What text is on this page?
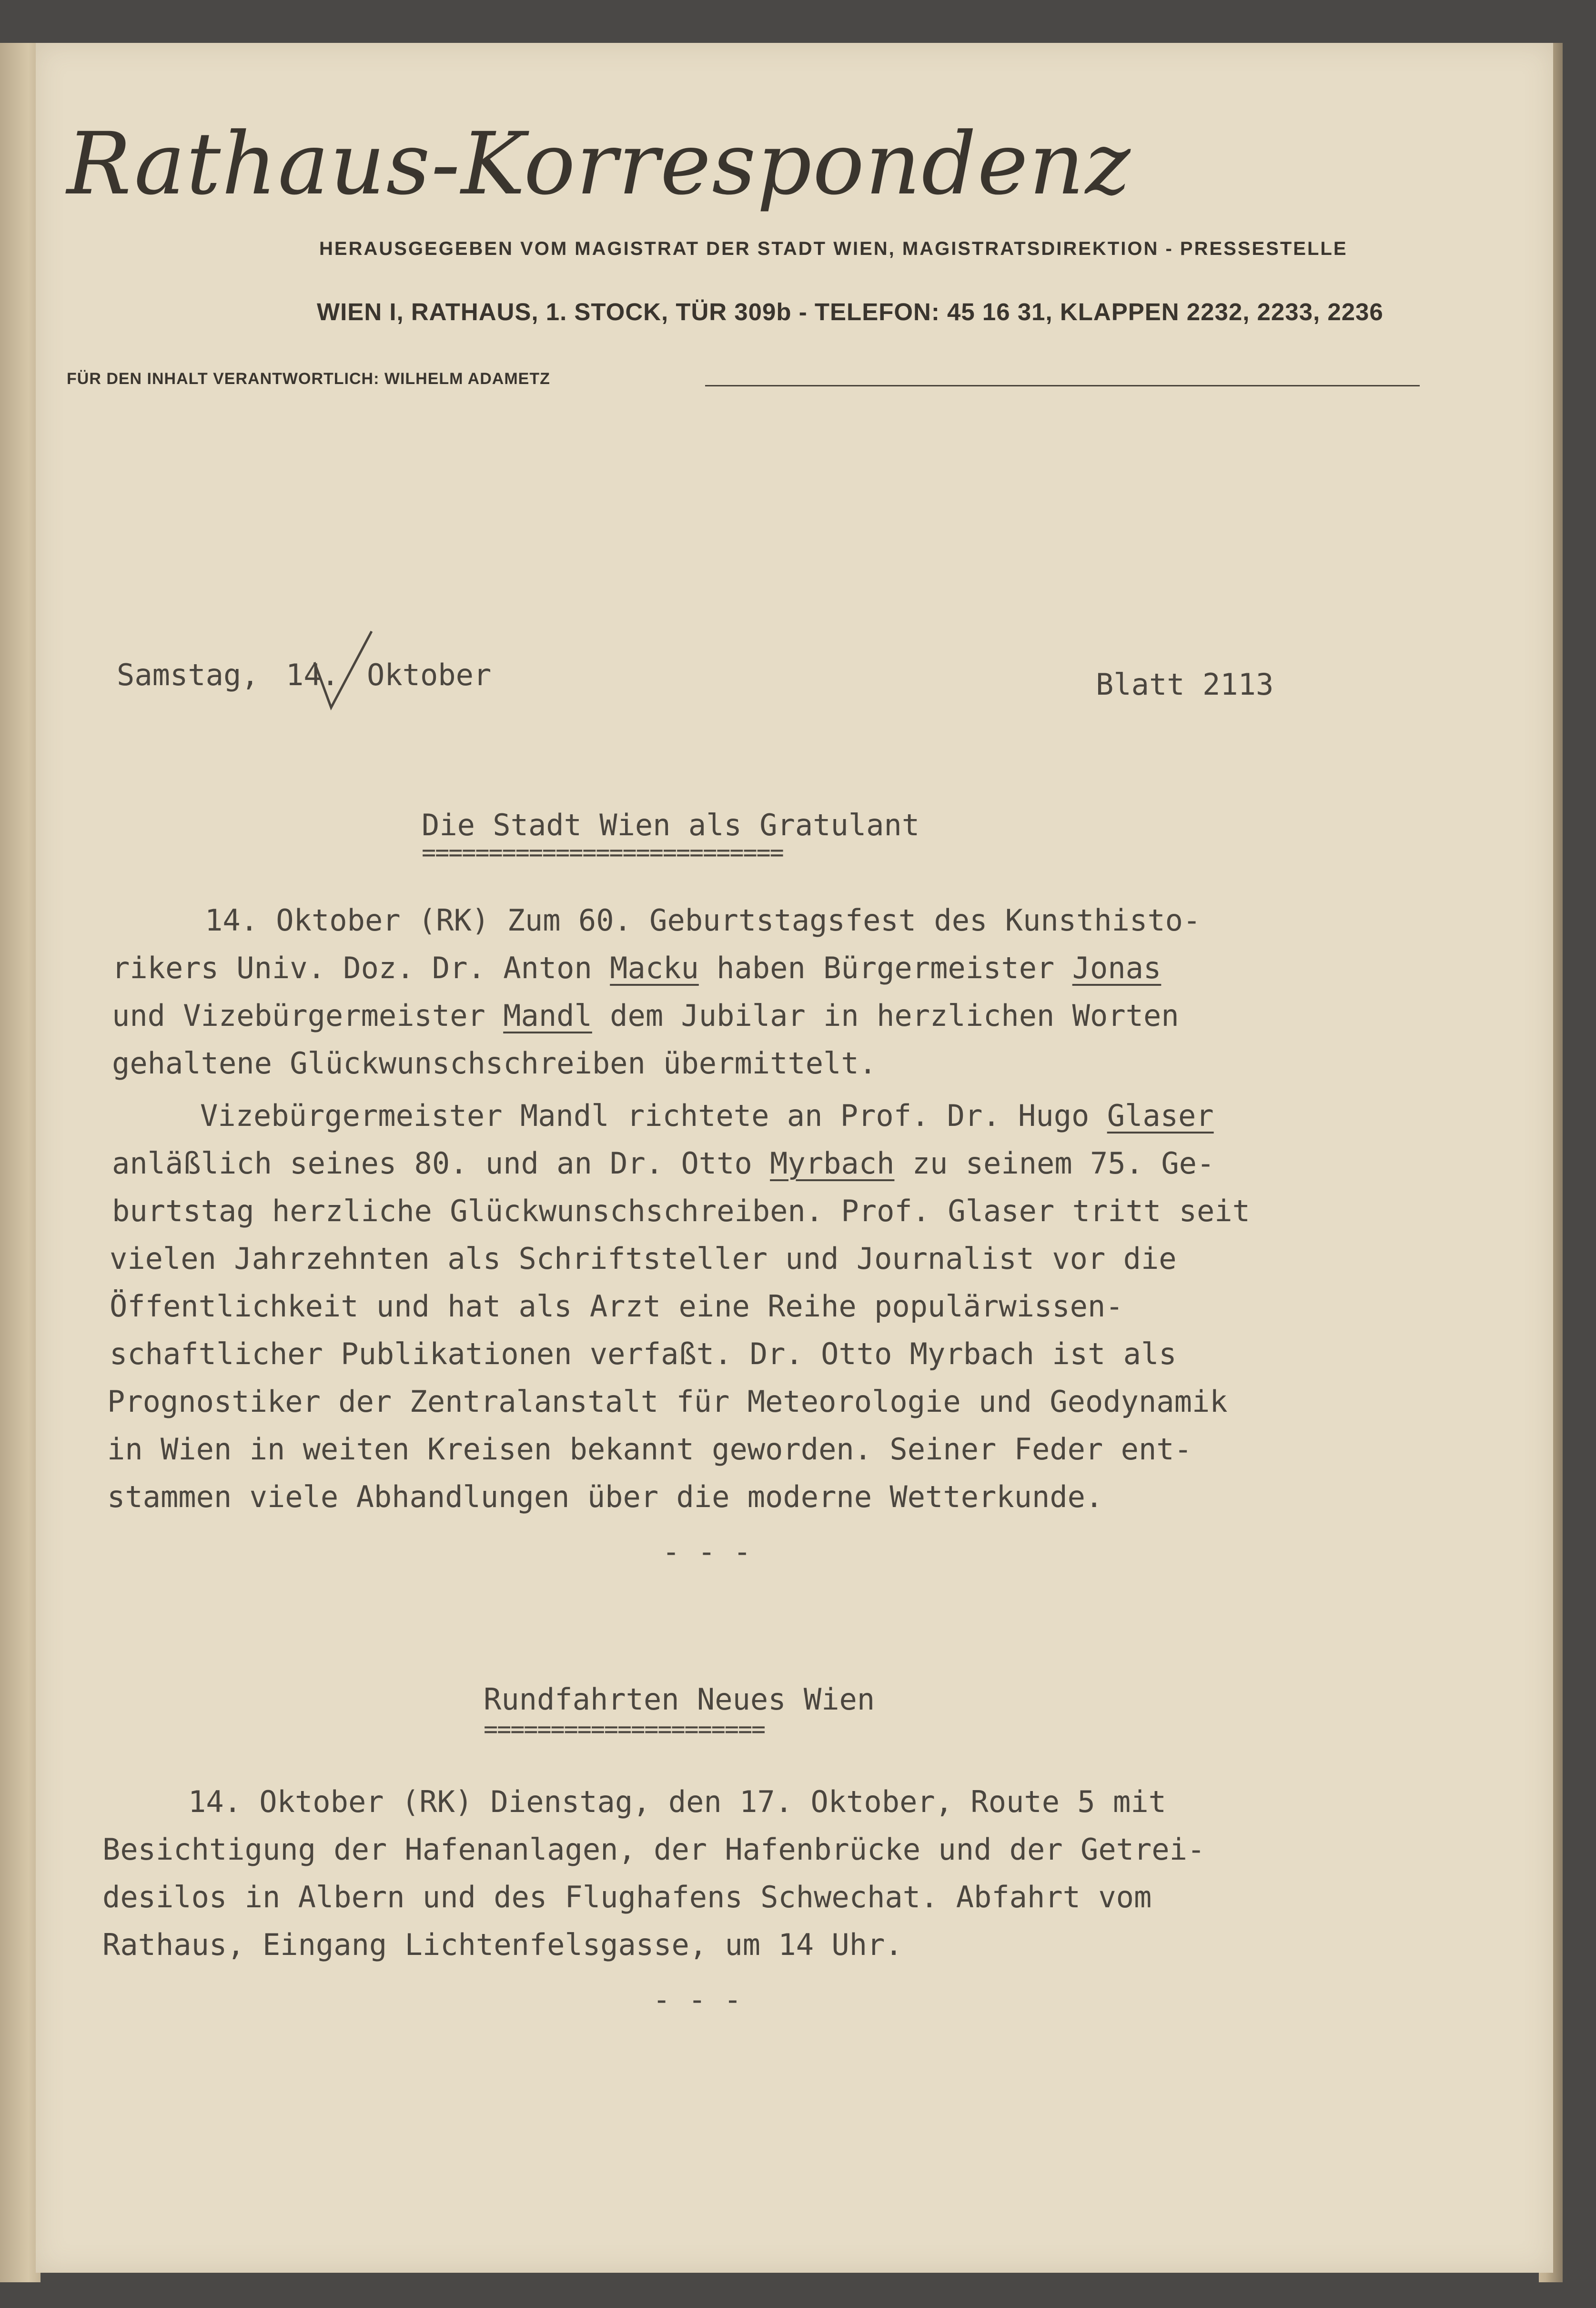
Rathaus-Korrespondenz
HERAUSGEGEBEN VOM MAGISTRAT DER STADT WIEN, MAGISTRATSDIREKTION - PRESSESTELLE
WIEN I, RATHAUS, 1. STOCK, TÜR 309b - TELEFON: 45 16 31, KLAPPEN 2232, 2233, 2236
FÜR DEN INHALT VERANTWORTLICH: WILHELM ADAMETZ
Samstag, 14. Oktober	Blatt 2113
Die Stadt Wien als Gratulant
===========================
14. Oktober (RK) Zum 60. Geburtstagsfest des Kunsthisto-
rikers Univ. Doz. Dr. Anton Macku haben Bürgermeister Jonas
und Vizebürgermeister Mandl dem Jubilar in herzlichen Worten
gehaltene Glückwunschschreiben übermittelt.
Vizebürgermeister Mandl richtete an Prof. Dr. Hugo Glaser
anläßlich seines 80. und an Dr. Otto Myrbach zu seinem 75. Ge-
burtstag herzliche Glückwunschschreiben. Prof. Glaser tritt seit
vielen Jahrzehnten als Schriftsteller und Journalist vor die
Öffentlichkeit und hat als Arzt eine Reihe populärwissen-
schaftlicher Publikationen verfaßt. Dr. Otto Myrbach ist als
Prognostiker der Zentralanstalt für Meteorologie und Geodynamik
in Wien in weiten Kreisen bekannt geworden. Seiner Feder ent-
stammen viele Abhandlungen über die moderne Wetterkunde.
- - -
Rundfahrten Neues Wien
=====================
14. Oktober (RK) Dienstag, den 17. Oktober, Route 5 mit
Besichtigung der Hafenanlagen, der Hafenbrücke und der Getrei-
desilos in Albern und des Flughafens Schwechat. Abfahrt vom
Rathaus, Eingang Lichtenfelsgasse, um 14 Uhr.
- - -
